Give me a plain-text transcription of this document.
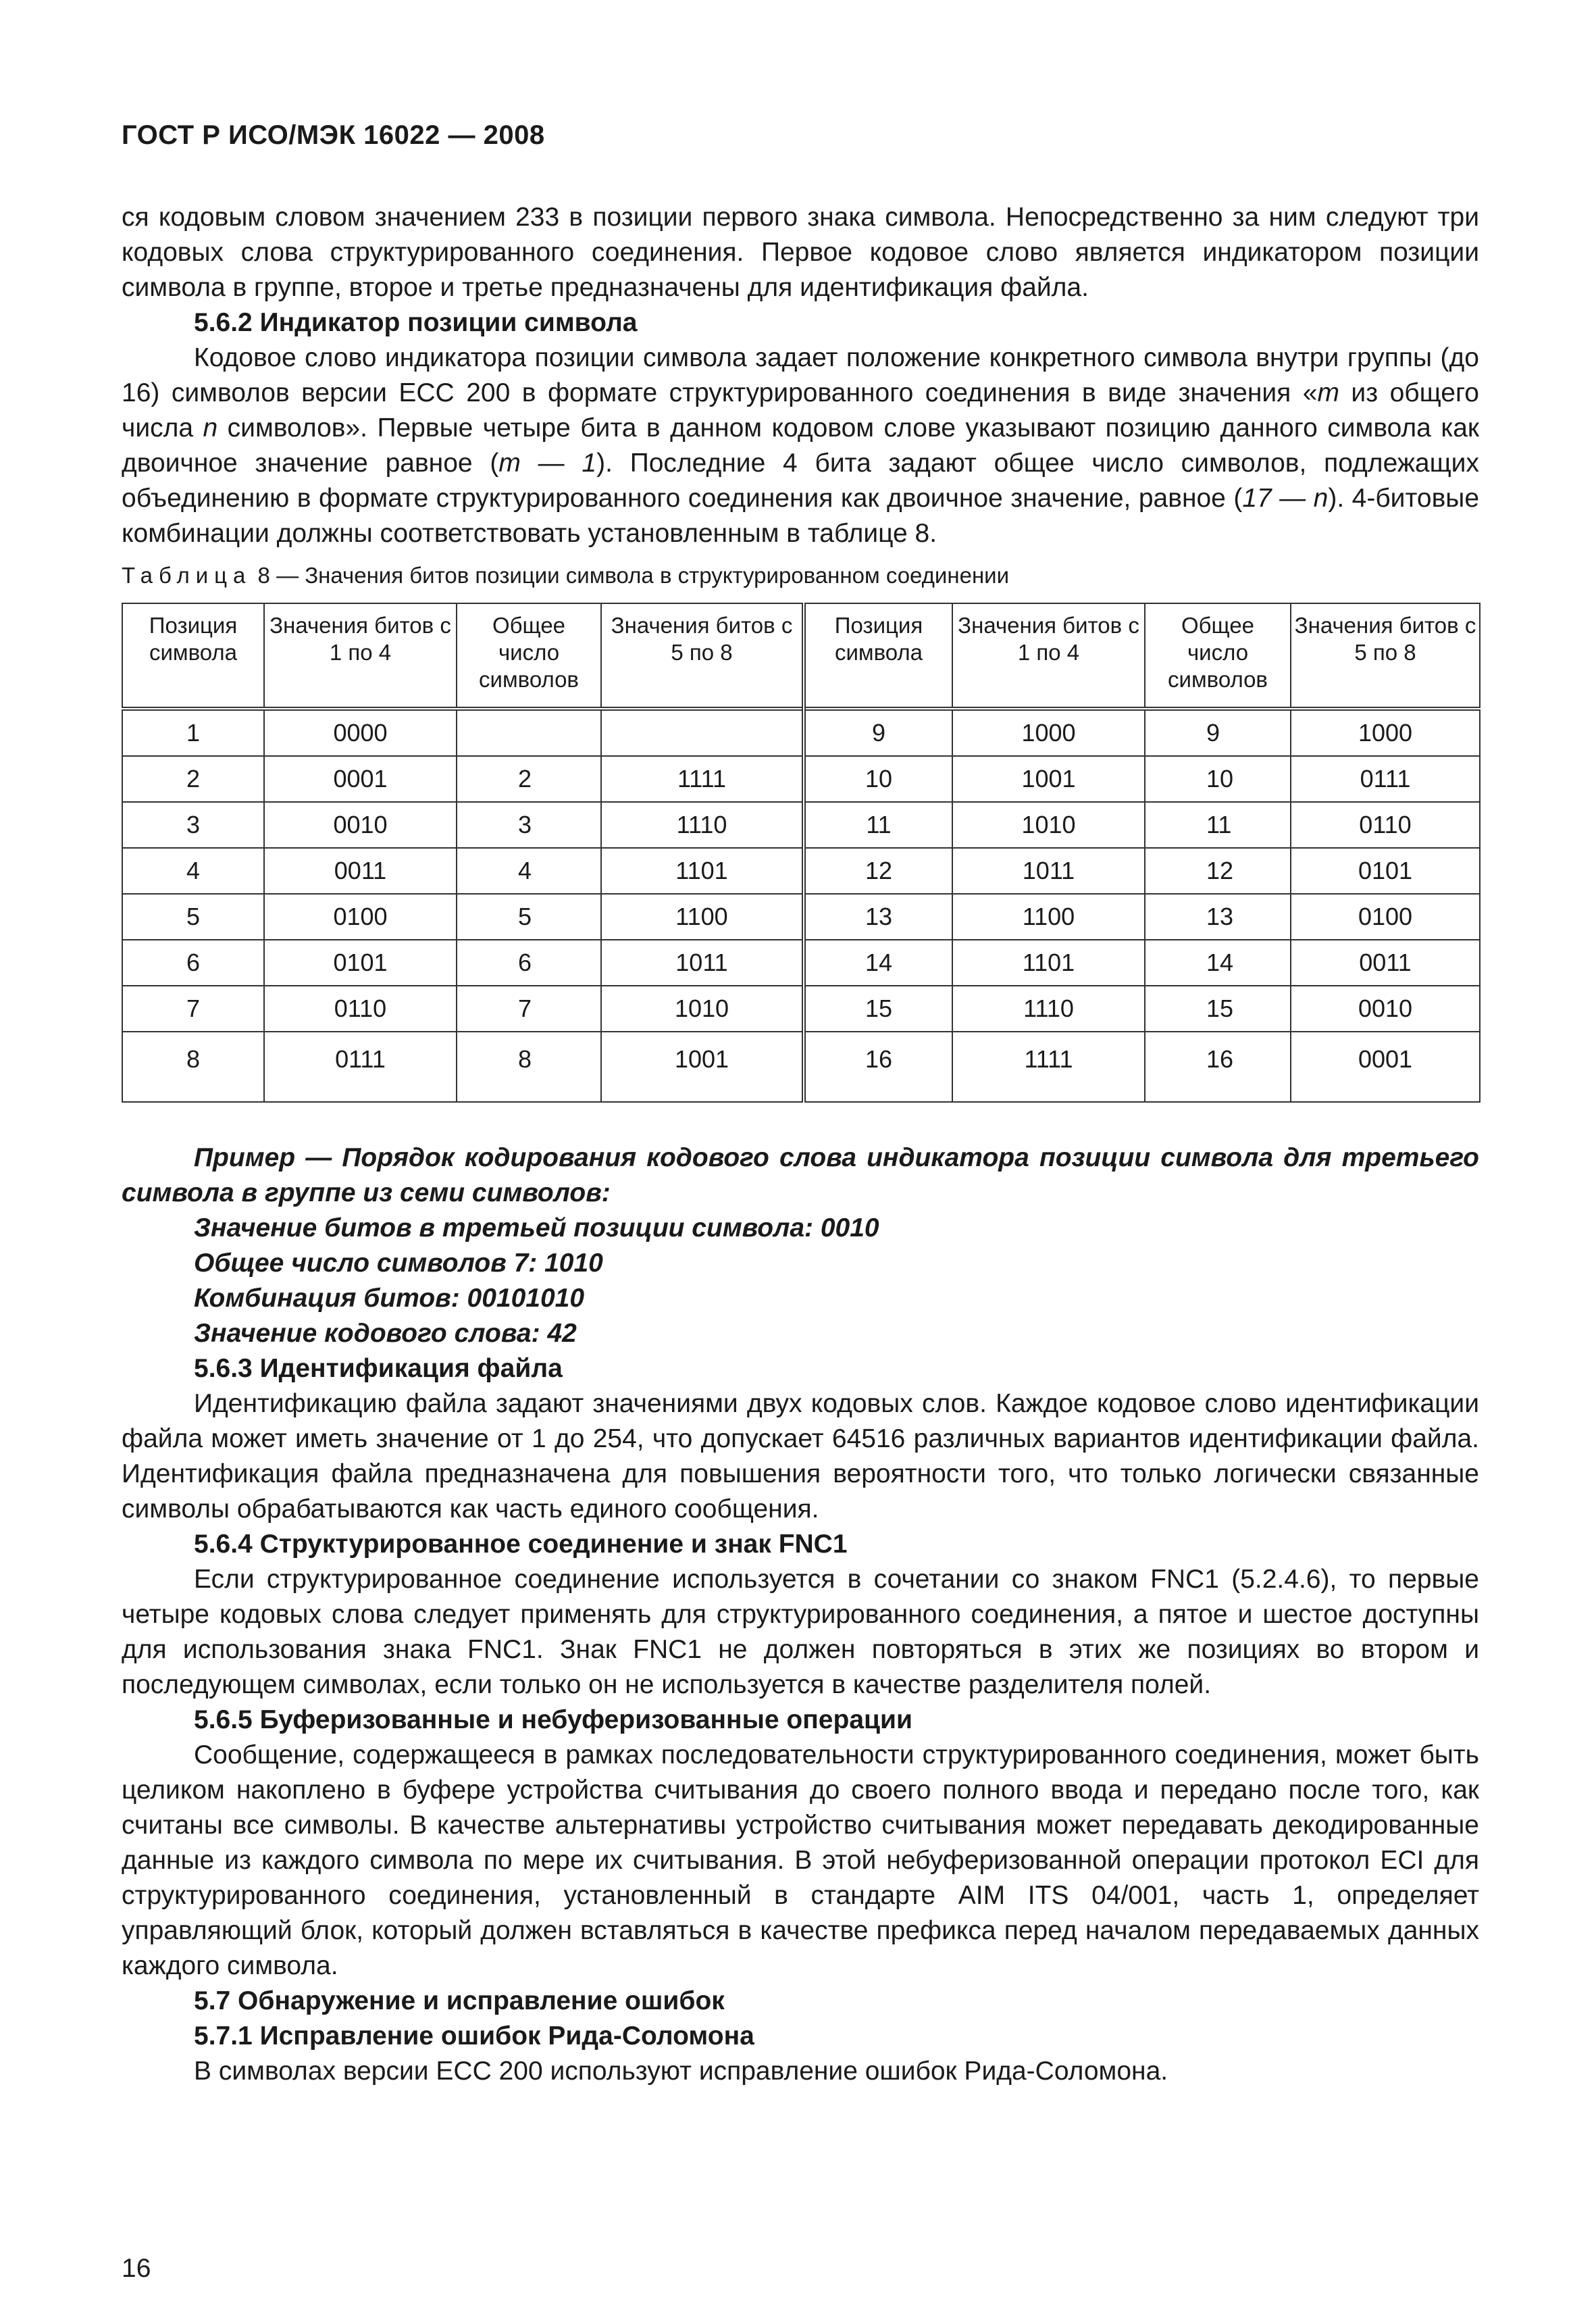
ГОСТ Р ИСО/МЭК 16022 — 2008

ся кодовым словом значением 233 в позиции первого знака символа. Непосредственно за ним следуют три кодовых слова структурированного соединения. Первое кодовое слово является индикатором позиции символа в группе, второе и третье предназначены для идентификация файла.

5.6.2 Индикатор позиции символа

Кодовое слово индикатора позиции символа задает положение конкретного символа внутри группы (до 16) символов версии ЕСС 200 в формате структурированного соединения в виде значения «m из общего числа n символов». Первые четыре бита в данном кодовом слове указывают позицию данного символа как двоичное значение равное (m — 1). Последние 4 бита задают общее число символов, подлежащих объединению в формате структурированного соединения как двоичное значение, равное (17 — n). 4-битовые комбинации должны соответствовать установленным в таблице 8.

Таблица 8 — Значения битов позиции символа в структурированном соединении
Позиция символа	Значения битов с 1 по 4	Общее число символов	Значения битов с 5 по 8	Позиция символа	Значения битов с 1 по 4	Общее число символов	Значения битов с 5 по 8
1	0000			9	1000	9	1000
2	0001	2	1111	10	1001	10	0111
3	0010	3	1110	11	1010	11	0110
4	0011	4	1101	12	1011	12	0101
5	0100	5	1100	13	1100	13	0100
6	0101	6	1011	14	1101	14	0011
7	0110	7	1010	15	1110	15	0010
8	0111	8	1001	16	1111	16	0001

Пример — Порядок кодирования кодового слова индикатора позиции символа для третьего символа в группе из семи символов:

Значение битов в третьей позиции символа: 0010

Общее число символов 7: 1010

Комбинация битов: 00101010

Значение кодового слова: 42

5.6.3 Идентификация файла

Идентификацию файла задают значениями двух кодовых слов. Каждое кодовое слово идентификации файла может иметь значение от 1 до 254, что допускает 64516 различных вариантов идентификации файла. Идентификация файла предназначена для повышения вероятности того, что только логически связанные символы обрабатываются как часть единого сообщения.

5.6.4 Структурированное соединение и знак FNC1

Если структурированное соединение используется в сочетании со знаком FNC1 (5.2.4.6), то первые четыре кодовых слова следует применять для структурированного соединения, а пятое и шестое доступны для использования знака FNC1. Знак FNC1 не должен повторяться в этих же позициях во втором и последующем символах, если только он не используется в качестве разделителя полей.

5.6.5 Буферизованные и небуферизованные операции

Сообщение, содержащееся в рамках последовательности структурированного соединения, может быть целиком накоплено в буфере устройства считывания до своего полного ввода и передано после того, как считаны все символы. В качестве альтернативы устройство считывания может передавать декодированные данные из каждого символа по мере их считывания. В этой небуферизованной операции протокол ECI для структурированного соединения, установленный в стандарте AIM ITS 04/001, часть 1, определяет управляющий блок, который должен вставляться в качестве префикса перед началом передаваемых данных каждого символа.

5.7 Обнаружение и исправление ошибок

5.7.1 Исправление ошибок Рида-Соломона

В символах версии ЕСС 200 используют исправление ошибок Рида-Соломона.

16
